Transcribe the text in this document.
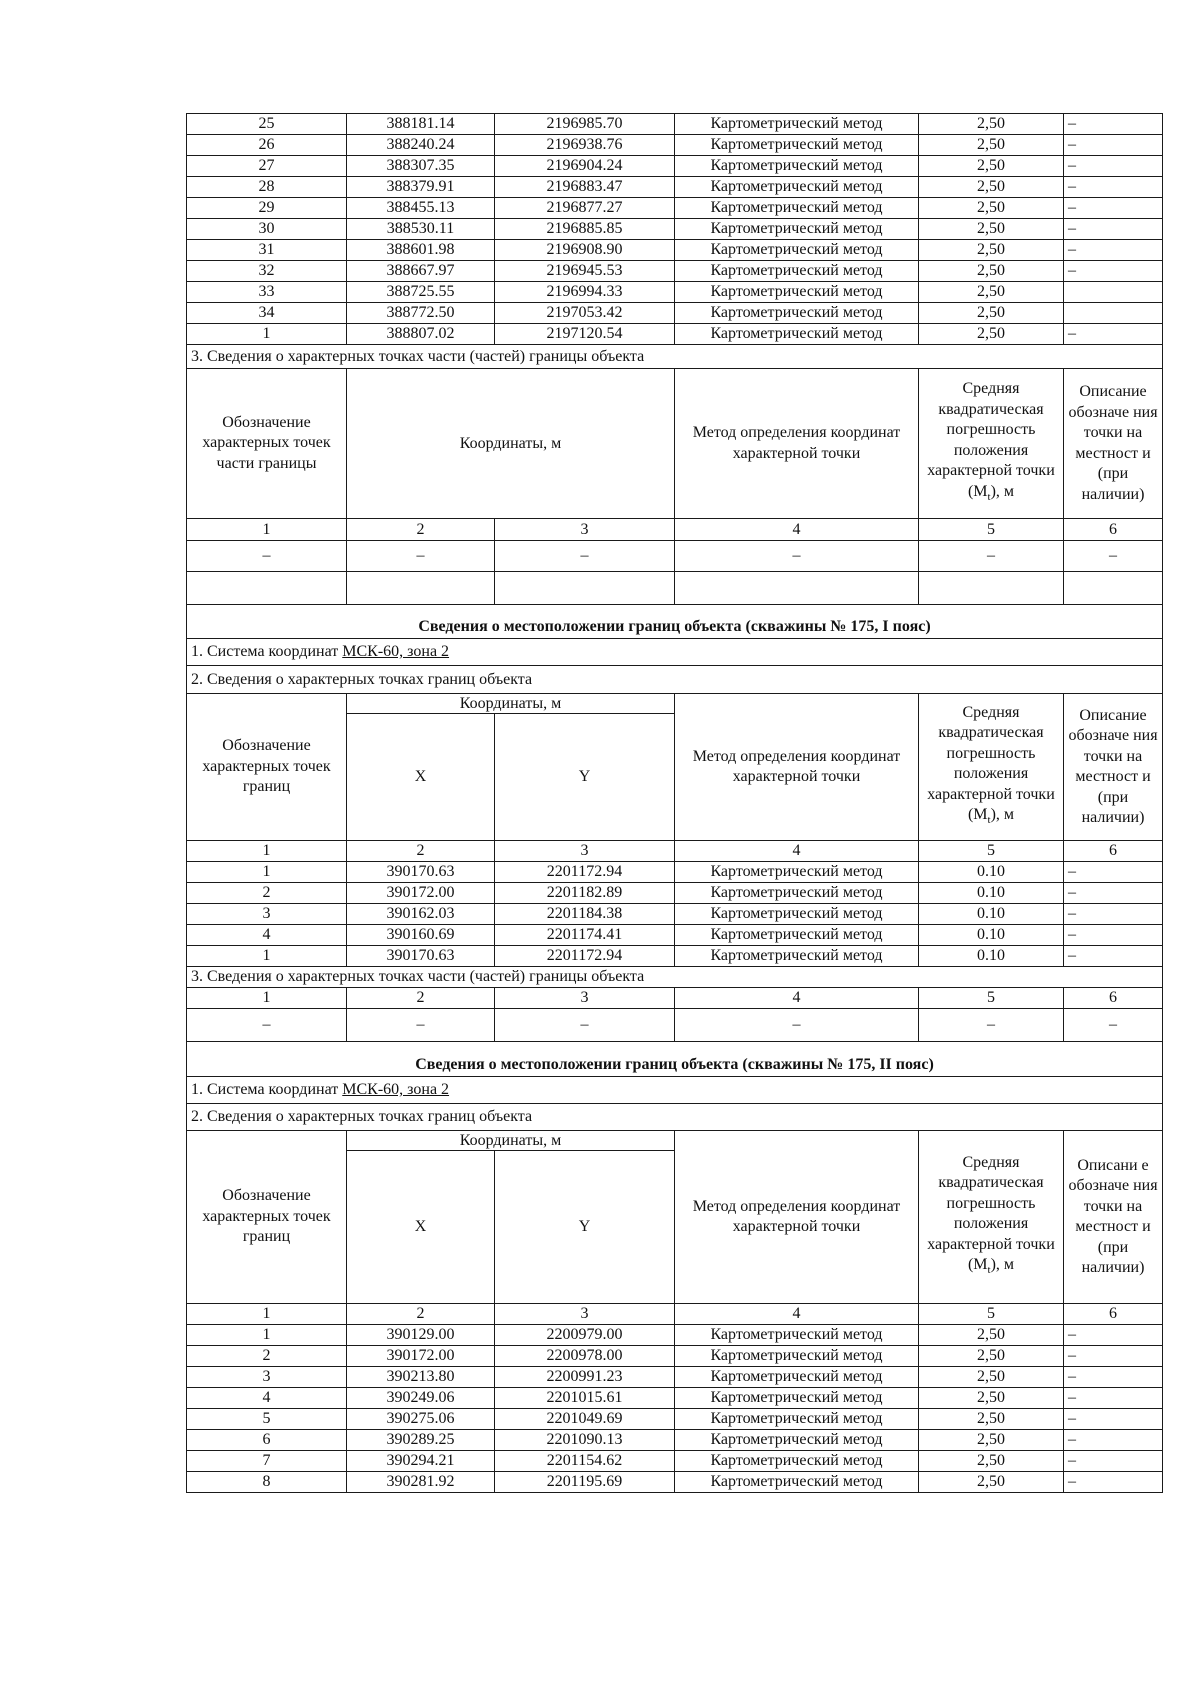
25	388181.14	2196985.70	Картометрический метод	2,50	–
26	388240.24	2196938.76	Картометрический метод	2,50	–
27	388307.35	2196904.24	Картометрический метод	2,50	–
28	388379.91	2196883.47	Картометрический метод	2,50	–
29	388455.13	2196877.27	Картометрический метод	2,50	–
30	388530.11	2196885.85	Картометрический метод	2,50	–
31	388601.98	2196908.90	Картометрический метод	2,50	–
32	388667.97	2196945.53	Картометрический метод	2,50	–
33	388725.55	2196994.33	Картометрический метод	2,50	
34	388772.50	2197053.42	Картометрический метод	2,50	
1	388807.02	2197120.54	Картометрический метод	2,50	–
3. Сведения о характерных точках части (частей) границы объекта					
Обозначение характерных точек части границы	Координаты, м		Метод определения координат характерной точки	Средняя квадратическая погрешность положения характерной точки $(M_t)$, м	Описание обозначе ния точки на местност и (при наличии)
1	2	3	4	5	6
–	–	–	–	–	–

Сведения о местоположении границ объекта (скважины № 175, I пояс)					
1. Система координат МСК-60, зона 2					
2. Сведения о характерных точках границ объекта					
Обозначение характерных точек границ	Координаты, м		Метод определения координат характерной точки	Средняя квадратическая погрешность положения характерной точки $(M_t)$, м	Описание обозначе ния точки на местност и (при наличии)
	X	Y			
1	2	3	4	5	6
1	390170.63	2201172.94	Картометрический метод	0.10	–
2	390172.00	2201182.89	Картометрический метод	0.10	–
3	390162.03	2201184.38	Картометрический метод	0.10	–
4	390160.69	2201174.41	Картометрический метод	0.10	–
1	390170.63	2201172.94	Картометрический метод	0.10	–
3. Сведения о характерных точках части (частей) границы объекта					
1	2	3	4	5	6
–	–	–	–	–	–
Сведения о местоположении границ объекта (скважины № 175, II пояс)					
1. Система координат МСК-60, зона 2					
2. Сведения о характерных точках границ объекта					
Обозначение характерных точек границ	Координаты, м		Метод определения координат характерной точки	Средняя квадратическая погрешность положения характерной точки $(M_t)$, м	Описани е обозначе ния точки на местност и (при наличии)
	X	Y			
1	2	3	4	5	6
1	390129.00	2200979.00	Картометрический метод	2,50	–
2	390172.00	2200978.00	Картометрический метод	2,50	–
3	390213.80	2200991.23	Картометрический метод	2,50	–
4	390249.06	2201015.61	Картометрический метод	2,50	–
5	390275.06	2201049.69	Картометрический метод	2,50	–
6	390289.25	2201090.13	Картометрический метод	2,50	–
7	390294.21	2201154.62	Картометрический метод	2,50	–
8	390281.92	2201195.69	Картометрический метод	2,50	–
